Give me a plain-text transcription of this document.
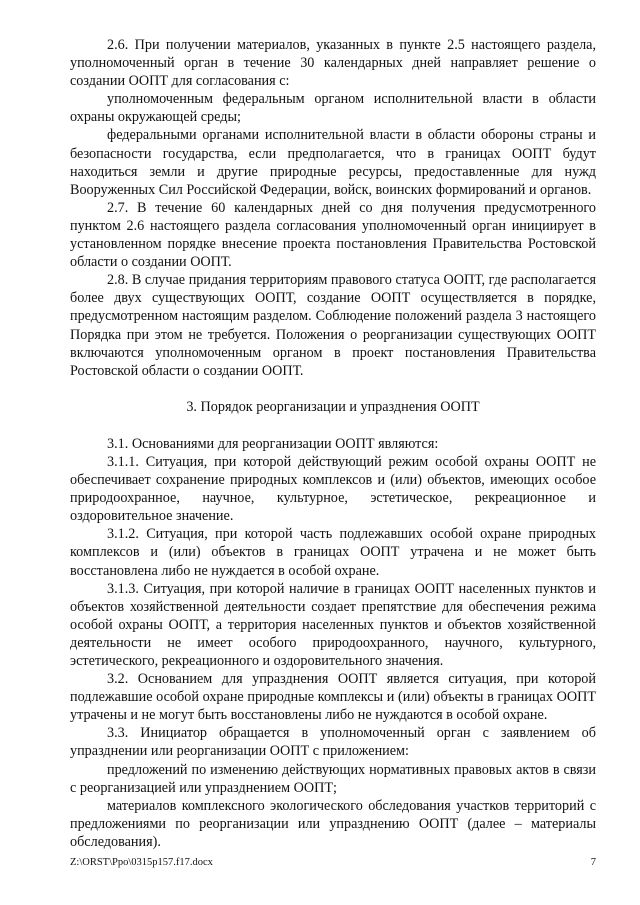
2.6. При получении материалов, указанных в пункте 2.5 настоящего раздела, уполномоченный орган в течение 30 календарных дней направляет решение о создании ООПТ для согласования с:

уполномоченным федеральным органом исполнительной власти в области охраны окружающей среды;

федеральными органами исполнительной власти в области обороны страны и безопасности государства, если предполагается, что в границах ООПТ будут находиться земли и другие природные ресурсы, предоставленные для нужд Вооруженных Сил Российской Федерации, войск, воинских формирований и органов.

2.7. В течение 60 календарных дней со дня получения предусмотренного пунктом 2.6 настоящего раздела согласования уполномоченный орган инициирует в установленном порядке внесение проекта постановления Правительства Ростовской области о создании ООПТ.

2.8. В случае придания территориям правового статуса ООПТ, где располагается более двух существующих ООПТ, создание ООПТ осуществляется в порядке, предусмотренном настоящим разделом. Соблюдение положений раздела 3 настоящего Порядка при этом не требуется. Положения о реорганизации существующих ООПТ включаются уполномоченным органом в проект постановления Правительства Ростовской области о создании ООПТ.

3. Порядок реорганизации и упразднения ООПТ

3.1. Основаниями для реорганизации ООПТ являются:

3.1.1. Ситуация, при которой действующий режим особой охраны ООПТ не обеспечивает сохранение природных комплексов и (или) объектов, имеющих особое природоохранное, научное, культурное, эстетическое, рекреационное и оздоровительное значение.

3.1.2. Ситуация, при которой часть подлежавших особой охране природных комплексов и (или) объектов в границах ООПТ утрачена и не может быть восстановлена либо не нуждается в особой охране.

3.1.3. Ситуация, при которой наличие в границах ООПТ населенных пунктов и объектов хозяйственной деятельности создает препятствие для обеспечения режима особой охраны ООПТ, а территория населенных пунктов и объектов хозяйственной деятельности не имеет особого природоохранного, научного, культурного, эстетического, рекреационного и оздоровительного значения.

3.2. Основанием для упразднения ООПТ является ситуация, при которой подлежавшие особой охране природные комплексы и (или) объекты в границах ООПТ утрачены и не могут быть восстановлены либо не нуждаются в особой охране.

3.3. Инициатор обращается в уполномоченный орган с заявлением об упразднении или реорганизации ООПТ с приложением:

предложений по изменению действующих нормативных правовых актов в связи с реорганизацией или упразднением ООПТ;

материалов комплексного экологического обследования участков территорий с предложениями по реорганизации или упразднению ООПТ (далее – материалы обследования).

Z:\ORST\Ppo\0315p157.f17.docx	7
